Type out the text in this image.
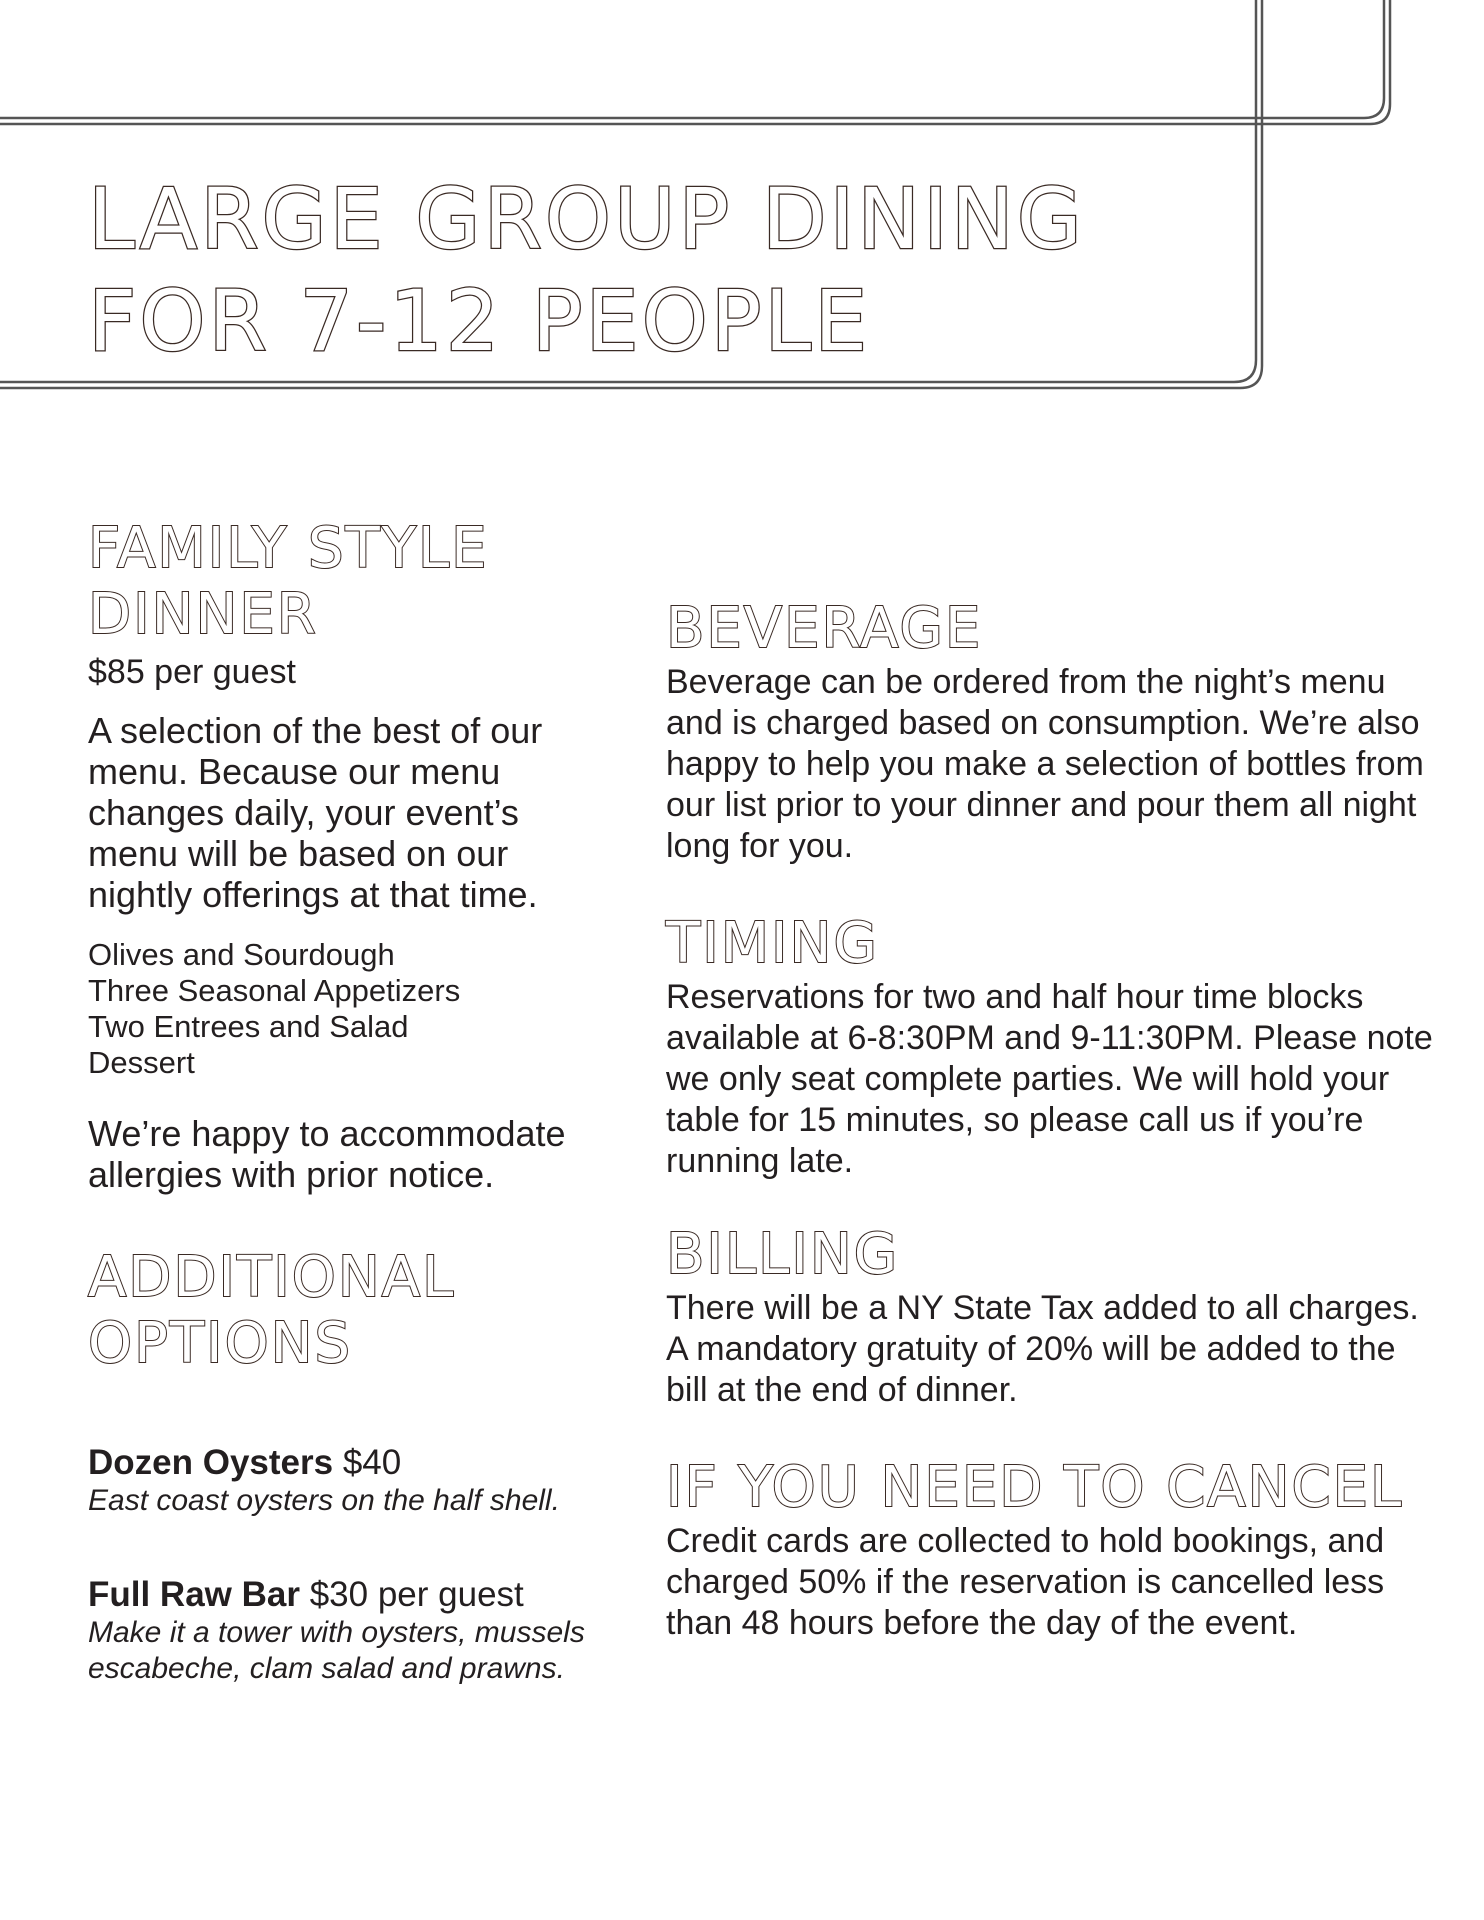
LARGE GROUP DINING
FOR 7-12 PEOPLE
FAMILY STYLE
DINNER
$85 per guest

A selection of the best of our menu. Because our menu changes daily, your event’s menu will be based on our nightly offerings at that time.

Olives and Sourdough
Three Seasonal Appetizers
Two Entrees and Salad
Dessert

We’re happy to accommodate allergies with prior notice.

ADDITIONAL
OPTIONS
Dozen Oysters $40

East coast oysters on the half shell.

Full Raw Bar $30 per guest

Make it a tower with oysters, mussels escabeche, clam salad and prawns.

BEVERAGE

Beverage can be ordered from the night’s menu and is charged based on consumption. We’re also happy to help you make a selection of bottles from our list prior to your dinner and pour them all night long for you.

TIMING

Reservations for two and half hour time blocks available at 6-8:30PM and 9-11:30PM. Please note we only seat complete parties. We will hold your table for 15 minutes, so please call us if you’re running late.

BILLING

There will be a NY State Tax added to all charges. A mandatory gratuity of 20% will be added to the bill at the end of dinner.

IF YOU NEED TO CANCEL

Credit cards are collected to hold bookings, and charged 50% if the reservation is cancelled less than 48 hours before the day of the event.
